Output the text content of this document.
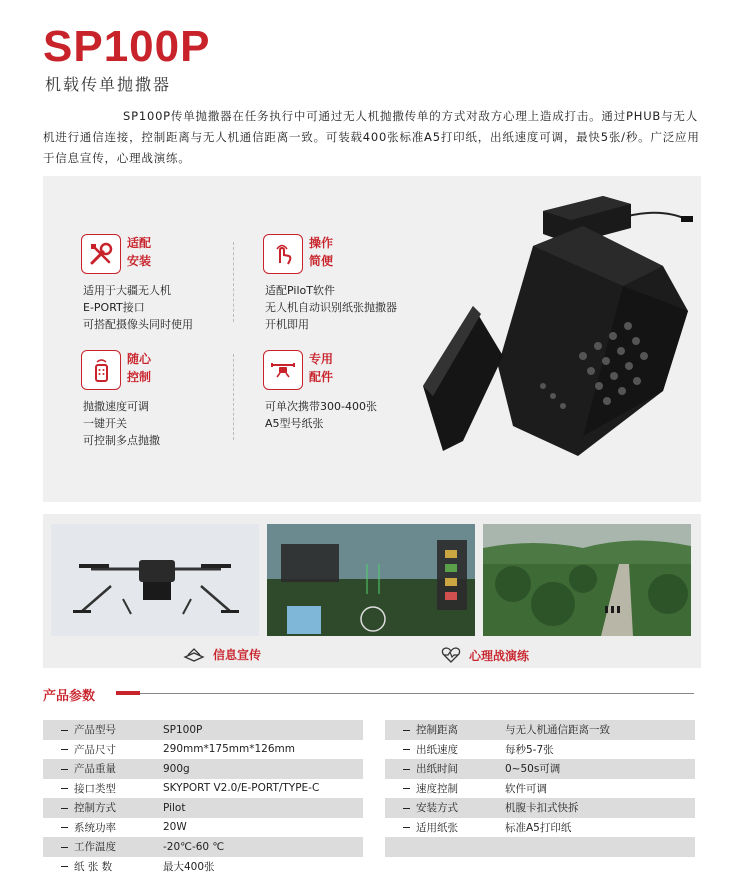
SP100P
机载传单抛撒器
SP100P传单抛撒器在任务执行中可通过无人机抛撒传单的方式对敌方心理上造成打击。通过PHUB与无人机进行通信连接，控制距离与无人机通信距离一致。可装载400张标准A5打印纸，出纸速度可调，最快5张/秒。广泛应用于信息宣传，心理战演练。
适配安装
适用于大疆无人机
E-PORT接口
可搭配摄像头同时使用
操作简便
适配PiloT软件
无人机自动识别纸张抛撒器
开机即用
随心控制
抛撒速度可调
一键开关
可控制多点抛撒
专用配件
可单次携带300-400张
A5型号纸张
信息宣传	心理战演练
产品参数
产品型号	SP100P
产品尺寸	290mm*175mm*126mm
产品重量	900g
接口类型	SKYPORT V2.0/E-PORT/TYPE-C
控制方式	Pilot
系统功率	20W
工作温度	-20℃-60 ℃
纸 张 数	最大400张
控制距离	与无人机通信距离一致
出纸速度	每秒5-7张
出纸时间	0~50s可调
速度控制	软件可调
安装方式	机腹卡扣式快拆
适用纸张	标准A5打印纸
